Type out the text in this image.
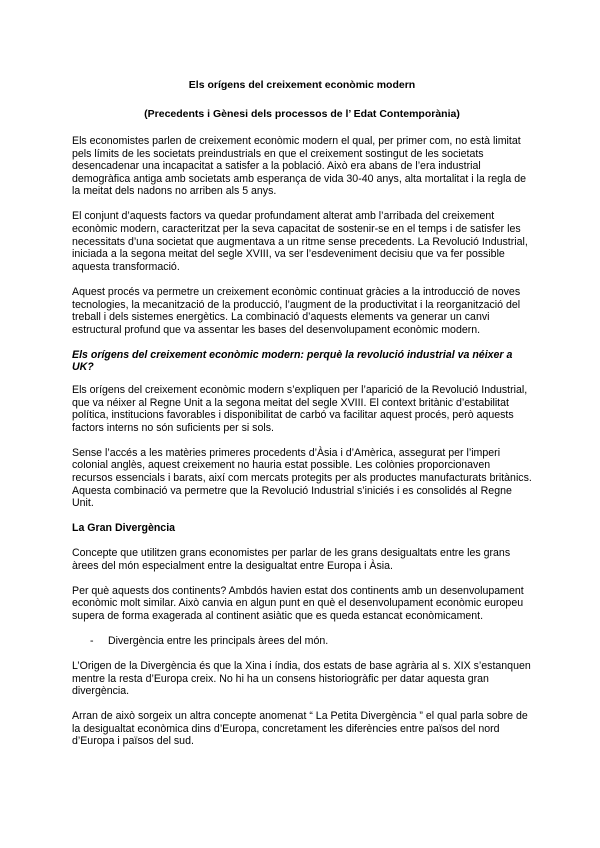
Els orígens del creixement econòmic modern
(Precedents i Gènesi dels processos de l’ Edat Contemporània)

Els economistes parlen de creixement econòmic modern el qual, per primer com, no està limitat pels límits de les societats preindustrials en que el creixement sostingut de les societats desencadenar una incapacitat a satisfer a la població. Això era abans de l’era industrial demogràfica antiga amb societats amb esperança de vida 30-40 anys, alta mortalitat i la regla de la meitat dels nadons no arriben als 5 anys.

El conjunt d’aquests factors va quedar profundament alterat amb l’arribada del creixement econòmic modern, caracteritzat per la seva capacitat de sostenir-se en el temps i de satisfer les necessitats d’una societat que augmentava a un ritme sense precedents. La Revolució Industrial, iniciada a la segona meitat del segle XVIII, va ser l’esdeveniment decisiu que va fer possible aquesta transformació.

Aquest procés va permetre un creixement econòmic continuat gràcies a la introducció de noves tecnologies, la mecanització de la producció, l’augment de la productivitat i la reorganització del treball i dels sistemes energètics. La combinació d’aquests elements va generar un canvi estructural profund que va assentar les bases del desenvolupament econòmic modern.

Els orígens del creixement econòmic modern: perquè la revolució industrial va néixer a UK?

Els orígens del creixement econòmic modern s’expliquen per l’aparició de la Revolució Industrial, que va néixer al Regne Unit a la segona meitat del segle XVIII. El context britànic d’estabilitat política, institucions favorables i disponibilitat de carbó va facilitar aquest procés, però aquests factors interns no són suficients per si sols.

Sense l’accés a les matèries primeres procedents d’Àsia i d’Amèrica, assegurat per l’imperi colonial anglès, aquest creixement no hauria estat possible. Les colònies proporcionaven recursos essencials i barats, així com mercats protegits per als productes manufacturats britànics. Aquesta combinació va permetre que la Revolució Industrial s’iniciés i es consolidés al Regne Unit.

La Gran Divergència

Concepte que utilitzen grans economistes per parlar de les grans desigualtats entre les grans àrees del món especialment entre la desigualtat entre Europa i Àsia.

Per què aquests dos continents? Ambdós havien estat dos continents amb un desenvolupament econòmic molt similar. Això canvia en algun punt en què el desenvolupament econòmic europeu supera de forma exagerada al continent asiàtic que es queda estancat econòmicament.

-	Divergència entre les principals àrees del món.

L’Origen de la Divergència és que la Xina i índia, dos estats de base agrària al s. XIX s’estanquen mentre la resta d’Europa creix. No hi ha un consens historiogràfic per datar aquesta gran divergència.

Arran de això sorgeix un altra concepte anomenat “ La Petita Divergència ” el qual parla sobre de la desigualtat econòmica dins d’Europa, concretament les diferències entre països del nord d’Europa i països del sud.
